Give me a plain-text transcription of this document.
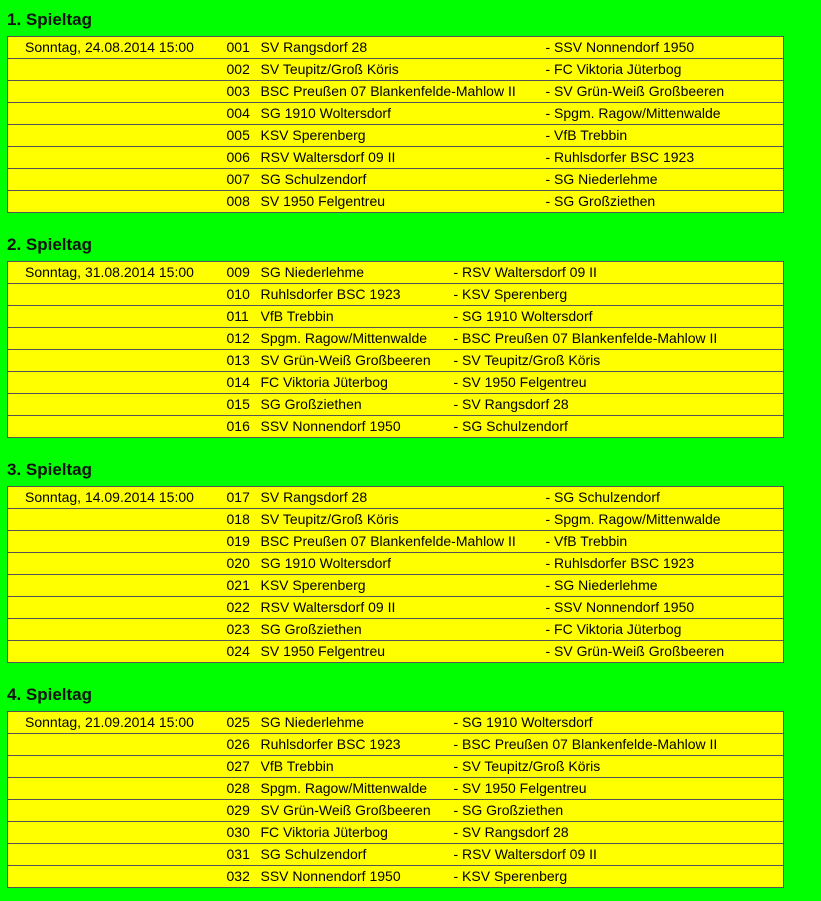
1. Spieltag
Sonntag, 24.08.2014 15:00	001	SV Rangsdorf 28	- SSV Nonnendorf 1950
	002	SV Teupitz/Groß Köris	- FC Viktoria Jüterbog
	003	BSC Preußen 07 Blankenfelde-Mahlow II	- SV Grün-Weiß Großbeeren
	004	SG 1910 Woltersdorf	- Spgm. Ragow/Mittenwalde
	005	KSV Sperenberg	- VfB Trebbin
	006	RSV Waltersdorf 09 II	- Ruhlsdorfer BSC 1923
	007	SG Schulzendorf	- SG Niederlehme
	008	SV 1950 Felgentreu	- SG Großziethen
2. Spieltag
Sonntag, 31.08.2014 15:00	009	SG Niederlehme	- RSV Waltersdorf 09 II
	010	Ruhlsdorfer BSC 1923	- KSV Sperenberg
	011	VfB Trebbin	- SG 1910 Woltersdorf
	012	Spgm. Ragow/Mittenwalde	- BSC Preußen 07 Blankenfelde-Mahlow II
	013	SV Grün-Weiß Großbeeren	- SV Teupitz/Groß Köris
	014	FC Viktoria Jüterbog	- SV 1950 Felgentreu
	015	SG Großziethen	- SV Rangsdorf 28
	016	SSV Nonnendorf 1950	- SG Schulzendorf
3. Spieltag
Sonntag, 14.09.2014 15:00	017	SV Rangsdorf 28	- SG Schulzendorf
	018	SV Teupitz/Groß Köris	- Spgm. Ragow/Mittenwalde
	019	BSC Preußen 07 Blankenfelde-Mahlow II	- VfB Trebbin
	020	SG 1910 Woltersdorf	- Ruhlsdorfer BSC 1923
	021	KSV Sperenberg	- SG Niederlehme
	022	RSV Waltersdorf 09 II	- SSV Nonnendorf 1950
	023	SG Großziethen	- FC Viktoria Jüterbog
	024	SV 1950 Felgentreu	- SV Grün-Weiß Großbeeren
4. Spieltag
Sonntag, 21.09.2014 15:00	025	SG Niederlehme	- SG 1910 Woltersdorf
	026	Ruhlsdorfer BSC 1923	- BSC Preußen 07 Blankenfelde-Mahlow II
	027	VfB Trebbin	- SV Teupitz/Groß Köris
	028	Spgm. Ragow/Mittenwalde	- SV 1950 Felgentreu
	029	SV Grün-Weiß Großbeeren	- SG Großziethen
	030	FC Viktoria Jüterbog	- SV Rangsdorf 28
	031	SG Schulzendorf	- RSV Waltersdorf 09 II
	032	SSV Nonnendorf 1950	- KSV Sperenberg
